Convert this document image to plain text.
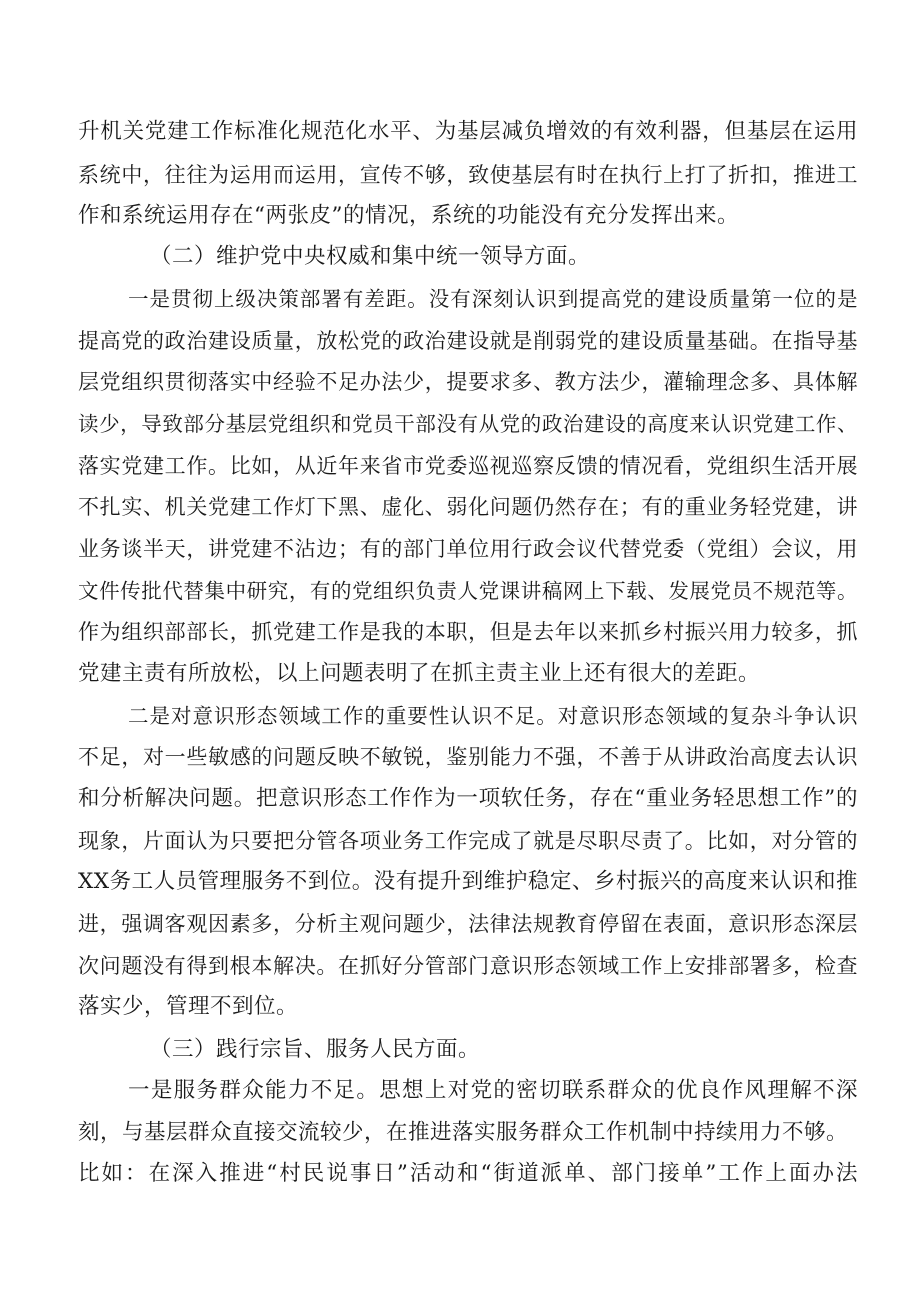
升机关党建工作标准化规范化水平、为基层减负增效的有效利器，但基层在运用
系统中，往往为运用而运用，宣传不够，致使基层有时在执行上打了折扣，推进工
作和系统运用存在“两张皮”的情况，系统的功能没有充分发挥出来。
（二）维护党中央权威和集中统一领导方面。
一是贯彻上级决策部署有差距。没有深刻认识到提高党的建设质量第一位的是
提高党的政治建设质量，放松党的政治建设就是削弱党的建设质量基础。在指导基
层党组织贯彻落实中经验不足办法少，提要求多、教方法少，灌输理念多、具体解
读少，导致部分基层党组织和党员干部没有从党的政治建设的高度来认识党建工作、
落实党建工作。比如，从近年来省市党委巡视巡察反馈的情况看，党组织生活开展
不扎实、机关党建工作灯下黑、虚化、弱化问题仍然存在；有的重业务轻党建，讲
业务谈半天，讲党建不沾边；有的部门单位用行政会议代替党委（党组）会议，用
文件传批代替集中研究，有的党组织负责人党课讲稿网上下载、发展党员不规范等。
作为组织部部长，抓党建工作是我的本职，但是去年以来抓乡村振兴用力较多，抓
党建主责有所放松，以上问题表明了在抓主责主业上还有很大的差距。
二是对意识形态领域工作的重要性认识不足。对意识形态领域的复杂斗争认识
不足，对一些敏感的问题反映不敏锐，鉴别能力不强，不善于从讲政治高度去认识
和分析解决问题。把意识形态工作作为一项软任务，存在“重业务轻思想工作”的
现象，片面认为只要把分管各项业务工作完成了就是尽职尽责了。比如，对分管的
XX务工人员管理服务不到位。没有提升到维护稳定、乡村振兴的高度来认识和推
进，强调客观因素多，分析主观问题少，法律法规教育停留在表面，意识形态深层
次问题没有得到根本解决。在抓好分管部门意识形态领域工作上安排部署多，检查
落实少，管理不到位。
（三）践行宗旨、服务人民方面。
一是服务群众能力不足。思想上对党的密切联系群众的优良作风理解不深
刻，与基层群众直接交流较少，在推进落实服务群众工作机制中持续用力不够。
比如：在深入推进“村民说事日”活动和“街道派单、部门接单”工作上面办法
